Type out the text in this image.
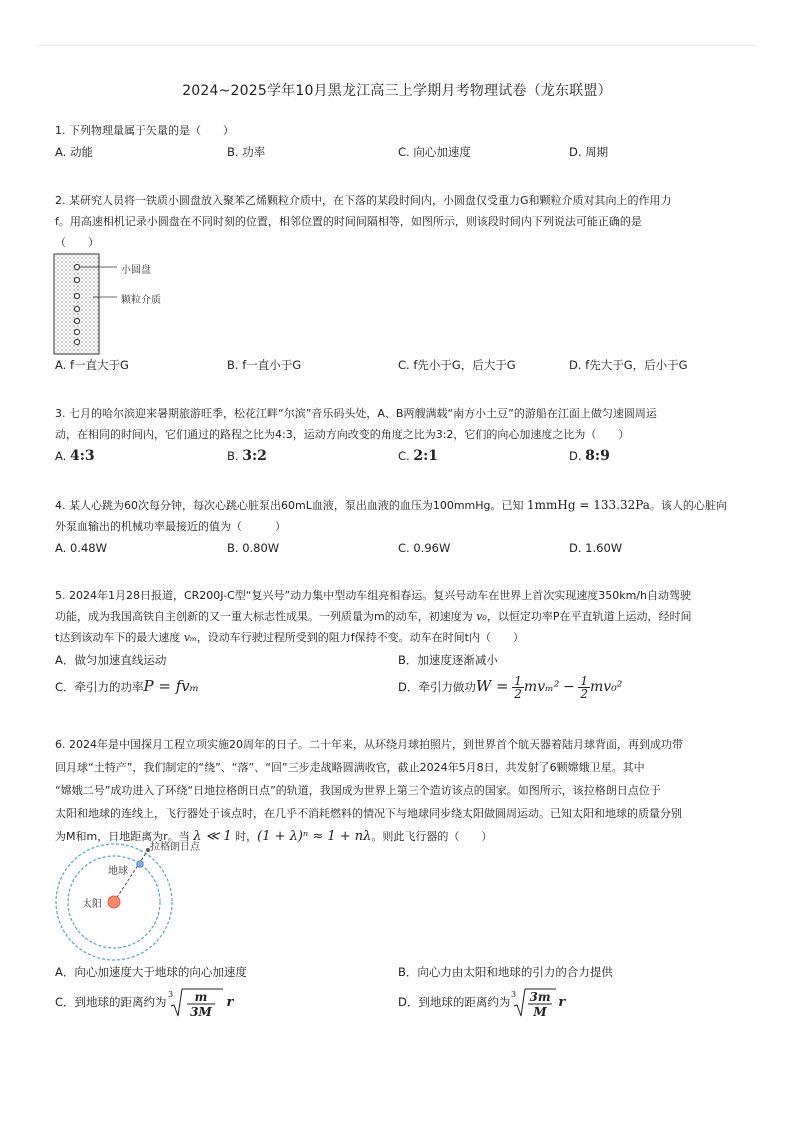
2024~2025学年10月黑龙江高三上学期月考物理试卷（龙东联盟）
1. 下列物理量属于矢量的是（　　）
A. 动能	B. 功率	C. 向心加速度	D. 周期
2. 某研究人员将一铁质小圆盘放入聚苯乙烯颗粒介质中，在下落的某段时间内，小圆盘仅受重力G和颗粒介质对其向上的作用力
f。用高速相机记录小圆盘在不同时刻的位置，相邻位置的时间间隔相等，如图所示，则该段时间内下列说法可能正确的是
（　　）
小圆盘
颗粒介质
A. f一直大于G	B. f一直小于G	C. f先小于G，后大于G	D. f先大于G，后小于G
3. 七月的哈尔滨迎来暑期旅游旺季，松花江畔“尔滨”音乐码头处，A、B两艘满载“南方小土豆”的游船在江面上做匀速圆周运
动，在相同的时间内，它们通过的路程之比为4:3，运动方向改变的角度之比为3:2，它们的向心加速度之比为（　　）
A. 4:3	B. 3:2	C. 2:1	D. 8:9
4. 某人心跳为60次每分钟，每次心跳心脏泵出60mL血液，泵出血液的血压为100mmHg。已知 1mmHg = 133.32Pa。该人的心脏向
外泵血输出的机械功率最接近的值为（　　　）
A. 0.48W	B. 0.80W	C. 0.96W	D. 1.60W
5. 2024年1月28日报道，CR200J-C型“复兴号”动力集中型动车组亮相春运。复兴号动车在世界上首次实现速度350km/h自动驾驶
功能，成为我国高铁自主创新的又一重大标志性成果。一列质量为m的动车，初速度为 v₀，以恒定功率P在平直轨道上运动，经时间
t达到该动车下的最大速度 vₘ，设动车行驶过程所受到的阻力f保持不变。动车在时间t内（　　）
A．做匀加速直线运动	B．加速度逐渐减小
C．牵引力的功率P = fvₘ	D．牵引力做功$W = \frac{1}{2} mv_m^2 - \frac{1}{2} mv_0^2$
6. 2024年是中国探月工程立项实施20周年的日子。二十年来，从环绕月球拍照片，到世界首个航天器着陆月球背面，再到成功带
回月球“土特产”，我们制定的“绕”、“落”、“回”三步走战略圆满收官，截止2024年5月8日，共发射了6颗嫦娥卫星。其中
“嫦娥二号”成功进入了环绕“日地拉格朗日点”的轨道，我国成为世界上第三个造访该点的国家。如图所示，该拉格朗日点位于
太阳和地球的连线上，飞行器处于该点时，在几乎不消耗燃料的情况下与地球同步绕太阳做圆周运动。已知太阳和地球的质量分别
为M和m，日地距离为r。当 λ ≪ 1 时，(1 + λ)ⁿ ≈ 1 + nλ。则此飞行器的（　　）
拉格朗日点
地球
太阳
A．向心加速度大于地球的向心加速度	B．向心力由太阳和地球的引力的合力提供
C．到地球的距离约为
3 m
3M
r	D．到地球的距离约为
3 3m
M
r
